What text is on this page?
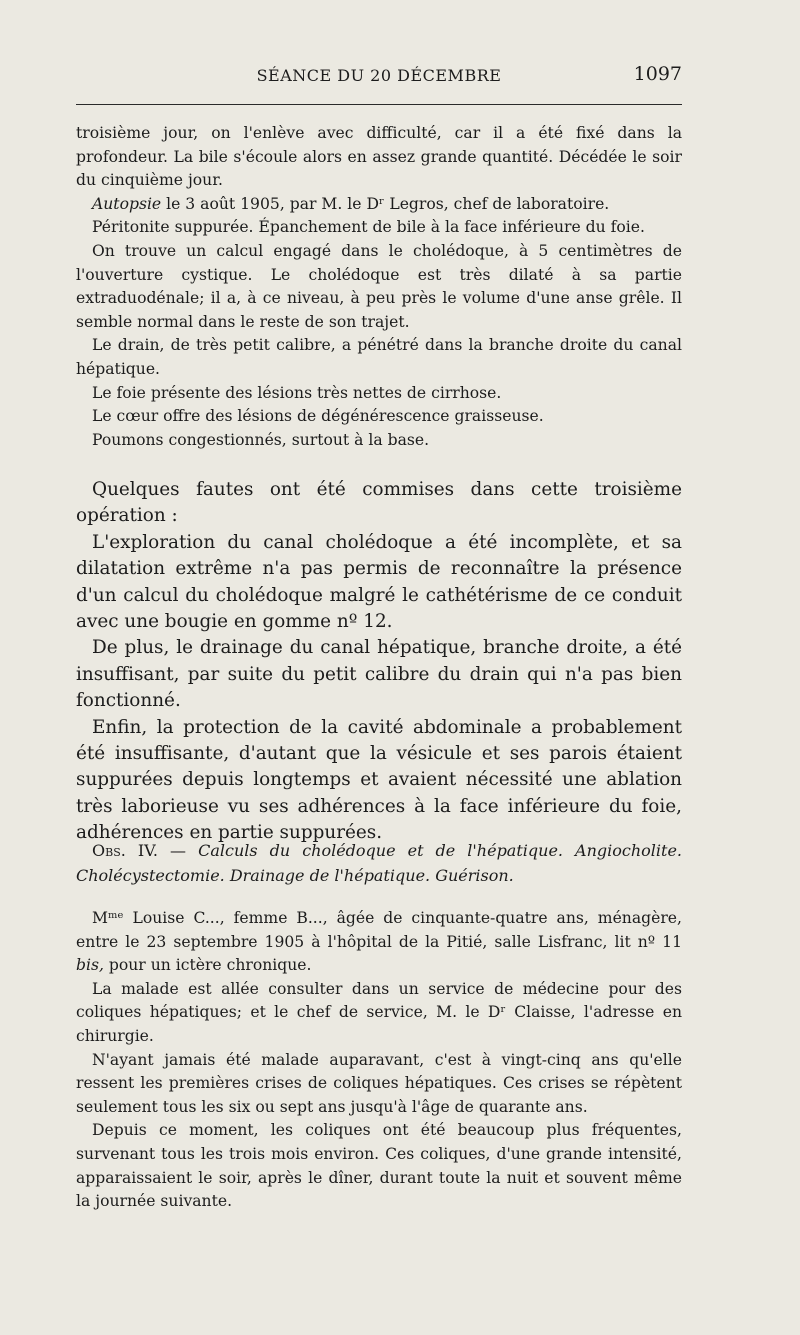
SÉANCE DU 20 DÉCEMBRE	1097

troisième jour, on l'enlève avec difficulté, car il a été fixé dans la profondeur. La bile s'écoule alors en assez grande quantité. Décédée le soir du cinquième jour.

Autopsie le 3 août 1905, par M. le Dʳ Legros, chef de laboratoire.

Péritonite suppurée. Épanchement de bile à la face inférieure du foie.

On trouve un calcul engagé dans le cholédoque, à 5 centimètres de l'ouverture cystique. Le cholédoque est très dilaté à sa partie extraduodénale; il a, à ce niveau, à peu près le volume d'une anse grêle. Il semble normal dans le reste de son trajet.

Le drain, de très petit calibre, a pénétré dans la branche droite du canal hépatique.

Le foie présente des lésions très nettes de cirrhose.

Le cœur offre des lésions de dégénérescence graisseuse.

Poumons congestionnés, surtout à la base.

Quelques fautes ont été commises dans cette troisième opération :

L'exploration du canal cholédoque a été incomplète, et sa dilatation extrême n'a pas permis de reconnaître la présence d'un calcul du cholédoque malgré le cathétérisme de ce conduit avec une bougie en gomme nº 12.

De plus, le drainage du canal hépatique, branche droite, a été insuffisant, par suite du petit calibre du drain qui n'a pas bien fonctionné.

Enfin, la protection de la cavité abdominale a probablement été insuffisante, d'autant que la vésicule et ses parois étaient suppurées depuis longtemps et avaient nécessité une ablation très laborieuse vu ses adhérences à la face inférieure du foie, adhérences en partie suppurées.

Obs. IV. — Calculs du cholédoque et de l'hépatique. Angiocholite. Cholécystectomie. Drainage de l'hépatique. Guérison.

Mᵐᵉ Louise C..., femme B..., âgée de cinquante-quatre ans, ménagère, entre le 23 septembre 1905 à l'hôpital de la Pitié, salle Lisfranc, lit nº 11 bis, pour un ictère chronique.

La malade est allée consulter dans un service de médecine pour des coliques hépatiques; et le chef de service, M. le Dʳ Claisse, l'adresse en chirurgie.

N'ayant jamais été malade auparavant, c'est à vingt-cinq ans qu'elle ressent les premières crises de coliques hépatiques. Ces crises se répètent seulement tous les six ou sept ans jusqu'à l'âge de quarante ans.

Depuis ce moment, les coliques ont été beaucoup plus fréquentes, survenant tous les trois mois environ. Ces coliques, d'une grande intensité, apparaissaient le soir, après le dîner, durant toute la nuit et souvent même la journée suivante.
